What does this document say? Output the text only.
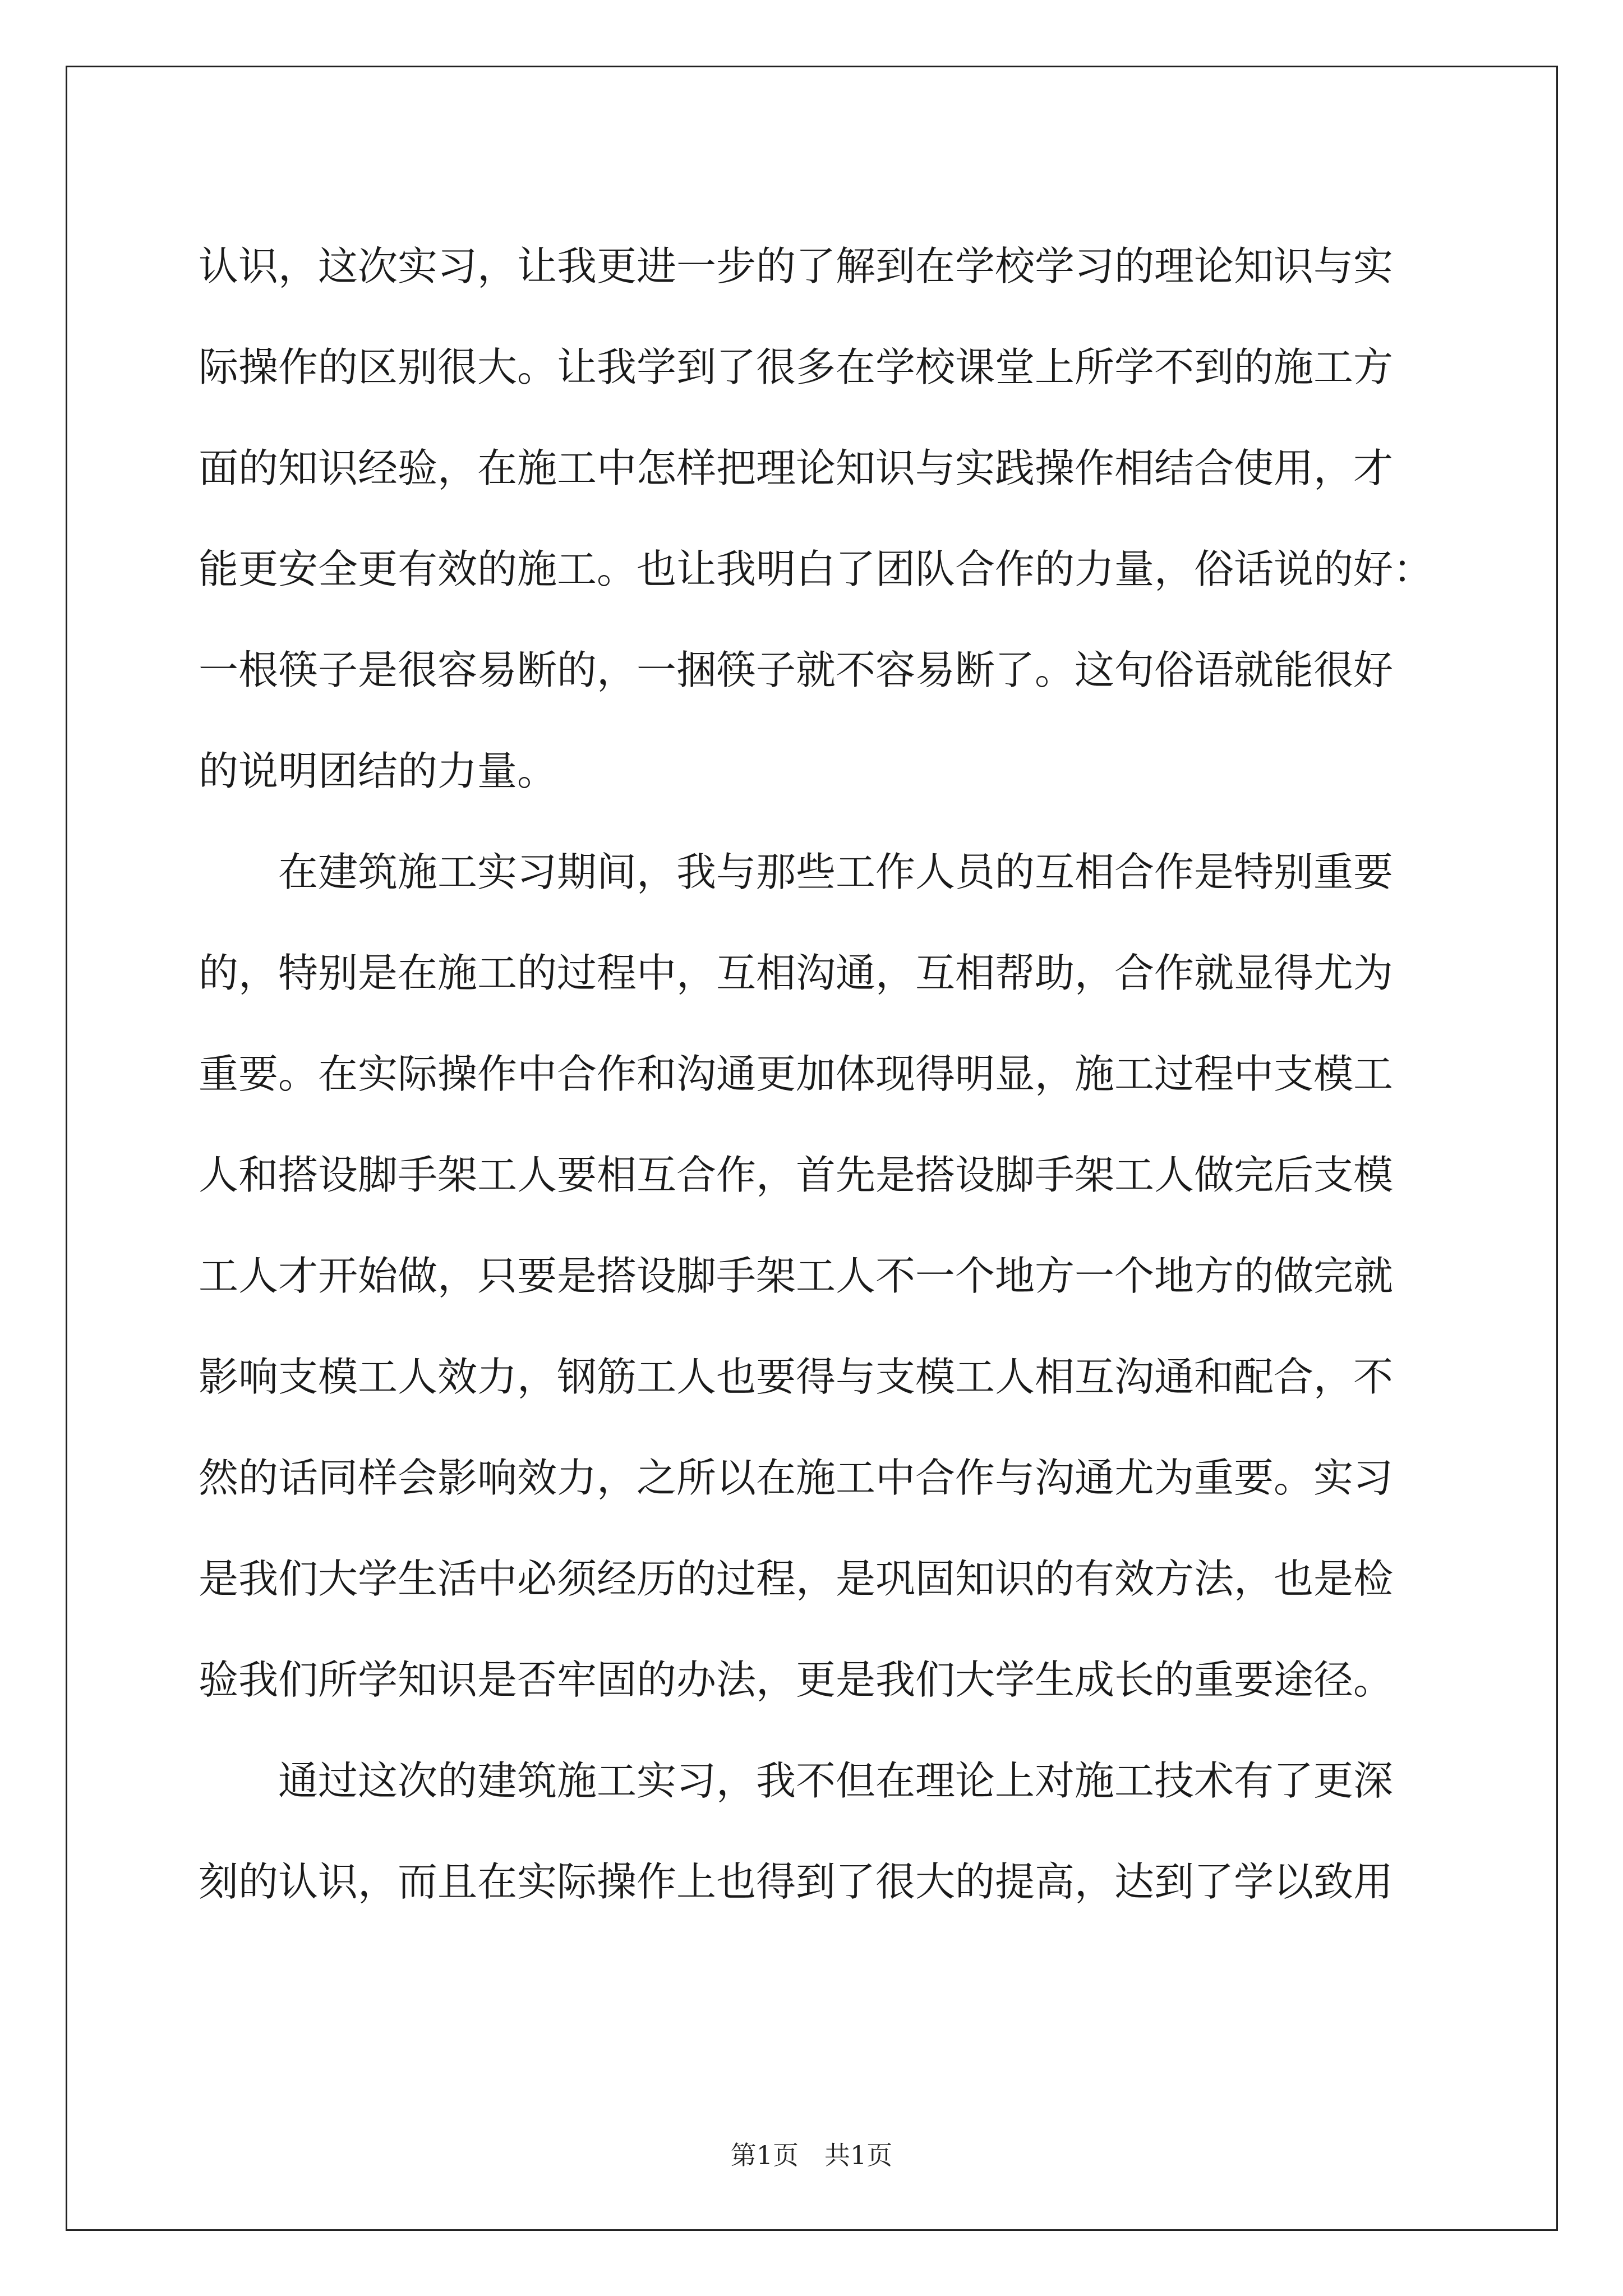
认识，这次实习，让我更进一步的了解到在学校学习的理论知识与实
际操作的区别很大。让我学到了很多在学校课堂上所学不到的施工方
面的知识经验，在施工中怎样把理论知识与实践操作相结合使用，才
能更安全更有效的施工。也让我明白了团队合作的力量，俗话说的好：
一根筷子是很容易断的，一捆筷子就不容易断了。这句俗语就能很好
的说明团结的力量。
在建筑施工实习期间，我与那些工作人员的互相合作是特别重要
的，特别是在施工的过程中，互相沟通，互相帮助，合作就显得尤为
重要。在实际操作中合作和沟通更加体现得明显，施工过程中支模工
人和搭设脚手架工人要相互合作，首先是搭设脚手架工人做完后支模
工人才开始做，只要是搭设脚手架工人不一个地方一个地方的做完就
影响支模工人效力，钢筋工人也要得与支模工人相互沟通和配合，不
然的话同样会影响效力，之所以在施工中合作与沟通尤为重要。实习
是我们大学生活中必须经历的过程，是巩固知识的有效方法，也是检
验我们所学知识是否牢固的办法，更是我们大学生成长的重要途径。
通过这次的建筑施工实习，我不但在理论上对施工技术有了更深
刻的认识，而且在实际操作上也得到了很大的提高，达到了学以致用
第1页　共1页
